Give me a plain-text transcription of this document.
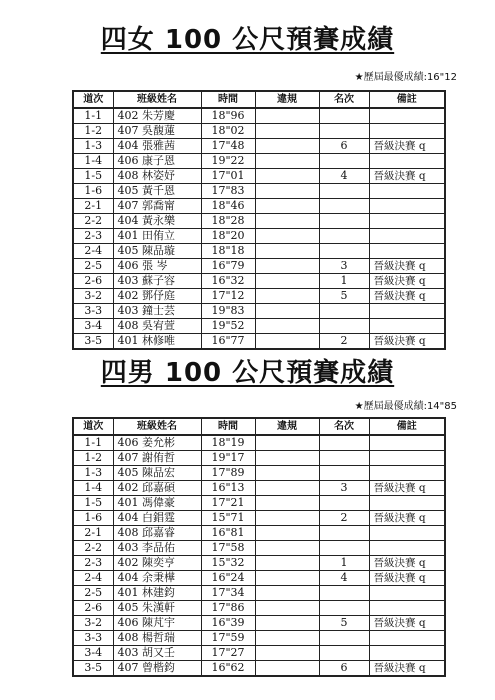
四女 100 公尺預賽成績
★歷屆最優成績:16"12
道次	班級姓名	時間	違規	名次	備註
1-1	402 朱芳慶	18"96			
1-2	407 吳馥蓮	18"02			
1-3	404 張雅茜	17"48		6	晉級決賽 q
1-4	406 康子恩	19"22			
1-5	408 林姿妤	17"01		4	晉級決賽 q
1-6	405 黃千恩	17"83			
2-1	407 郭喬甯	18"46			
2-2	404 黃永樂	18"28			
2-3	401 田侑立	18"20			
2-4	405 陳品璇	18"18			
2-5	406 張 岑	16"79		3	晉級決賽 q
2-6	403 蘇子容	16"32		1	晉級決賽 q
3-2	402 鄧伃庭	17"12		5	晉級決賽 q
3-3	403 鐘士芸	19"83			
3-4	408 吳宥萱	19"52			
3-5	401 林修唯	16"77		2	晉級決賽 q
四男 100 公尺預賽成績
★歷屆最優成績:14"85
道次	班級姓名	時間	違規	名次	備註
1-1	406 姜允彬	18"19			
1-2	407 謝侑哲	19"17			
1-3	405 陳品宏	17"89			
1-4	402 邱嘉碩	16"13		3	晉級決賽 q
1-5	401 馮偉豪	17"21			
1-6	404 白錩霆	15"71		2	晉級決賽 q
2-1	408 邱嘉睿	16"81			
2-2	403 李品佑	17"58			
2-3	402 陳奕亨	15"32		1	晉級決賽 q
2-4	404 余秉樺	16"24		4	晉級決賽 q
2-5	401 林建鈞	17"34			
2-6	405 朱漢軒	17"86			
3-2	406 陳芃宇	16"39		5	晉級決賽 q
3-3	408 楊哲瑞	17"59			
3-4	403 胡又壬	17"27			
3-5	407 曾楷鈞	16"62		6	晉級決賽 q
